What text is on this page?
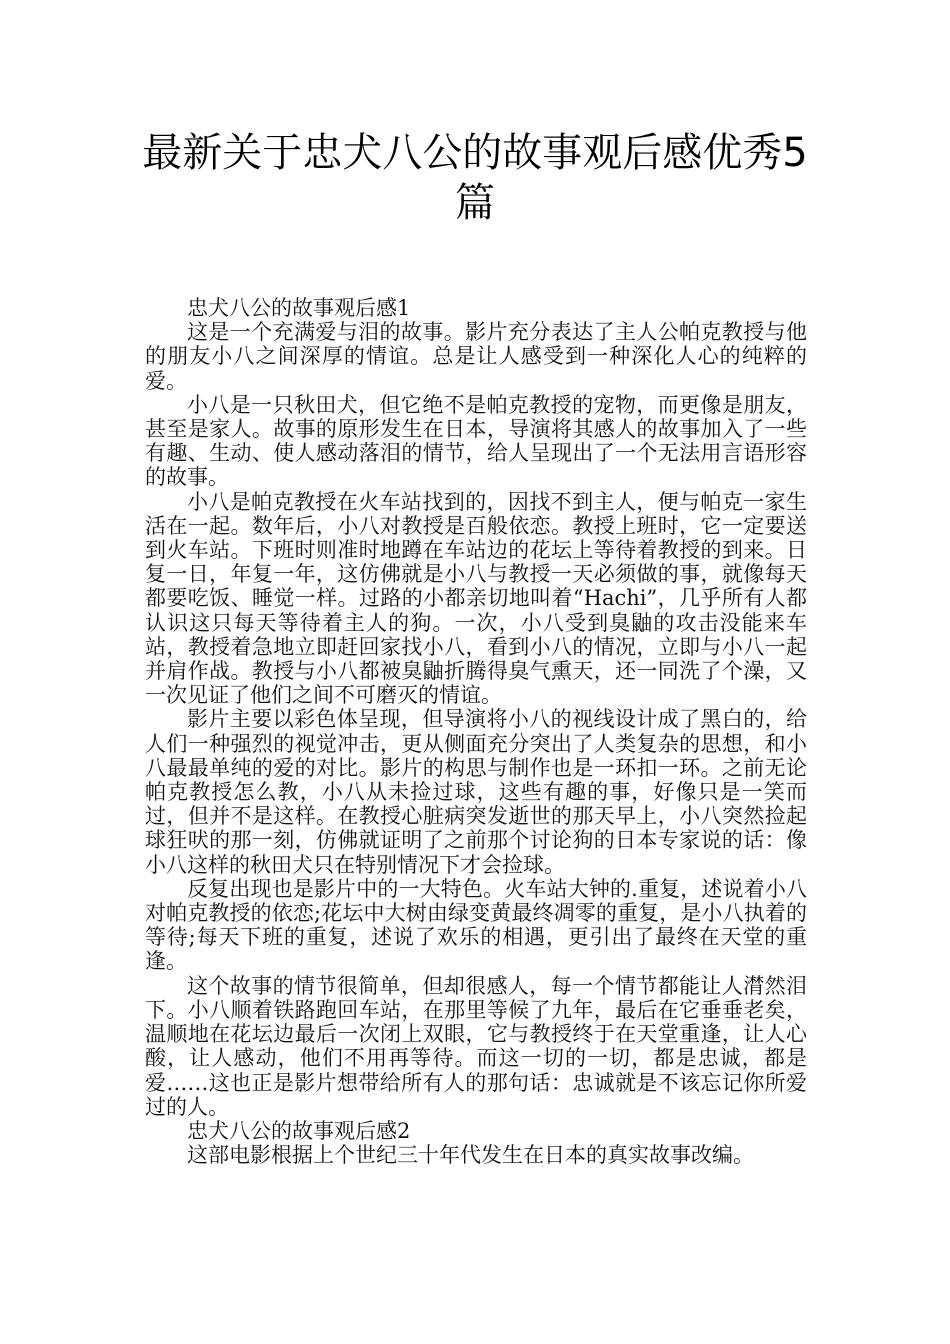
最新关于忠犬八公的故事观后感优秀5篇

忠犬八公的故事观后感1

这是一个充满爱与泪的故事。影片充分表达了主人公帕克教授与他的朋友小八之间深厚的情谊。总是让人感受到一种深化人心的纯粹的爱。

小八是一只秋田犬，但它绝不是帕克教授的宠物，而更像是朋友，甚至是家人。故事的原形发生在日本，导演将其感人的故事加入了一些有趣、生动、使人感动落泪的情节，给人呈现出了一个无法用言语形容的故事。

小八是帕克教授在火车站找到的，因找不到主人，便与帕克一家生活在一起。数年后，小八对教授是百般依恋。教授上班时，它一定要送到火车站。下班时则准时地蹲在车站边的花坛上等待着教授的到来。日复一日，年复一年，这仿佛就是小八与教授一天必须做的事，就像每天都要吃饭、睡觉一样。过路的小都亲切地叫着“Hachi”，几乎所有人都认识这只每天等待着主人的狗。一次，小八受到臭鼬的攻击没能来车站，教授着急地立即赶回家找小八，看到小八的情况，立即与小八一起并肩作战。教授与小八都被臭鼬折腾得臭气熏天，还一同洗了个澡，又一次见证了他们之间不可磨灭的情谊。

影片主要以彩色体呈现，但导演将小八的视线设计成了黑白的，给人们一种强烈的视觉冲击，更从侧面充分突出了人类复杂的思想，和小八最最单纯的爱的对比。影片的构思与制作也是一环扣一环。之前无论帕克教授怎么教，小八从未捡过球，这些有趣的事，好像只是一笑而过，但并不是这样。在教授心脏病突发逝世的那天早上，小八突然捡起球狂吠的那一刻，仿佛就证明了之前那个讨论狗的日本专家说的话：像小八这样的秋田犬只在特别情况下才会捡球。

反复出现也是影片中的一大特色。火车站大钟的.重复，述说着小八对帕克教授的依恋;花坛中大树由绿变黄最终凋零的重复，是小八执着的等待;每天下班的重复，述说了欢乐的相遇，更引出了最终在天堂的重逢。

这个故事的情节很简单，但却很感人，每一个情节都能让人潸然泪下。小八顺着铁路跑回车站，在那里等候了九年，最后在它垂垂老矣，温顺地在花坛边最后一次闭上双眼，它与教授终于在天堂重逢，让人心酸，让人感动，他们不用再等待。而这一切的一切，都是忠诚，都是爱……这也正是影片想带给所有人的那句话：忠诚就是不该忘记你所爱过的人。

忠犬八公的故事观后感2

这部电影根据上个世纪三十年代发生在日本的真实故事改编。
